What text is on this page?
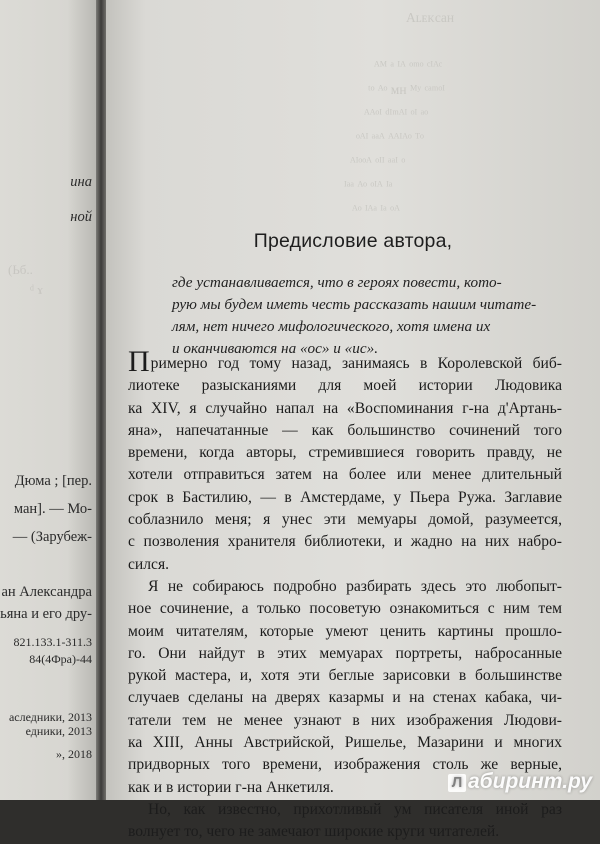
(Ьб..
ᵈ ɤ
ина
ной
Дюма ; [пер.
ман]. — Мо-
— (Зарубеж-
ан Александра
ьяна и его дру-
821.133.1-311.3
84(4Фра)-44
аследники, 2013
едники, 2013
», 2018
Aʟᴇᴋcaн
ᴬᴹ ᵃ ᴵᴬ ᵒᵐᵒ ᶜᴵᴬᶜ
ᵗᵒ ᴬᵒ ᴍʜ ᴹʸ ᶜᵃᵐᵒᴵ
ᴬᴬᵒᴵ ᵈᴵᵐᴬᴵ ᵒᴵ ᵃᵒ
ᵒᴬᴵ ᵃᵃᴬ ᴬᴬᴵᴬᵒ ᵀᵒ
ᴬᴵᵒᵒᴬ ᵒᴵᴵ ᵃᵃᴵ ᵒ
ᴵᵃᵃ ᴬᵒ ᵒᴵᴬ ᴵᵃ
ᴬᵒ ᴵᴬᵃ ᴵᵃ ᵒᴬ
Предисловие автора,
где устанавливается, что в героях повести, кото-
рую мы будем иметь честь рассказать нашим читате-
лям, нет ничего мифологического, хотя имена их
и оканчиваются на «ос» и «ис».
Примерно год тому назад, занимаясь в Королевской биб-
лиотеке разысканиями для моей истории Людовика
ка XIV, я случайно напал на «Воспоминания г-на д'Артань-
яна», напечатанные — как большинство сочинений того
времени, когда авторы, стремившиеся говорить правду, не
хотели отправиться затем на более или менее длительный
срок в Бастилию, — в Амстердаме, у Пьера Ружа. Заглавие
соблазнило меня; я унес эти мемуары домой, разумеется,
с позволения хранителя библиотеки, и жадно на них набро-
сился.
Я не собираюсь подробно разбирать здесь это любопыт-
ное сочинение, а только посоветую ознакомиться с ним тем
моим читателям, которые умеют ценить картины прошло-
го. Они найдут в этих мемуарах портреты, набросанные
рукой мастера, и, хотя эти беглые зарисовки в большинстве
случаев сделаны на дверях казармы и на стенах кабака, чи-
татели тем не менее узнают в них изображения Людови-
ка XIII, Анны Австрийской, Ришелье, Мазарини и многих
придворных того времени, изображения столь же верные,
как и в истории г-на Анкетиля.
Но, как известно, прихотливый ум писателя иной раз
волнует то, чего не замечают широкие круги читателей.
Л абиринт.ру
